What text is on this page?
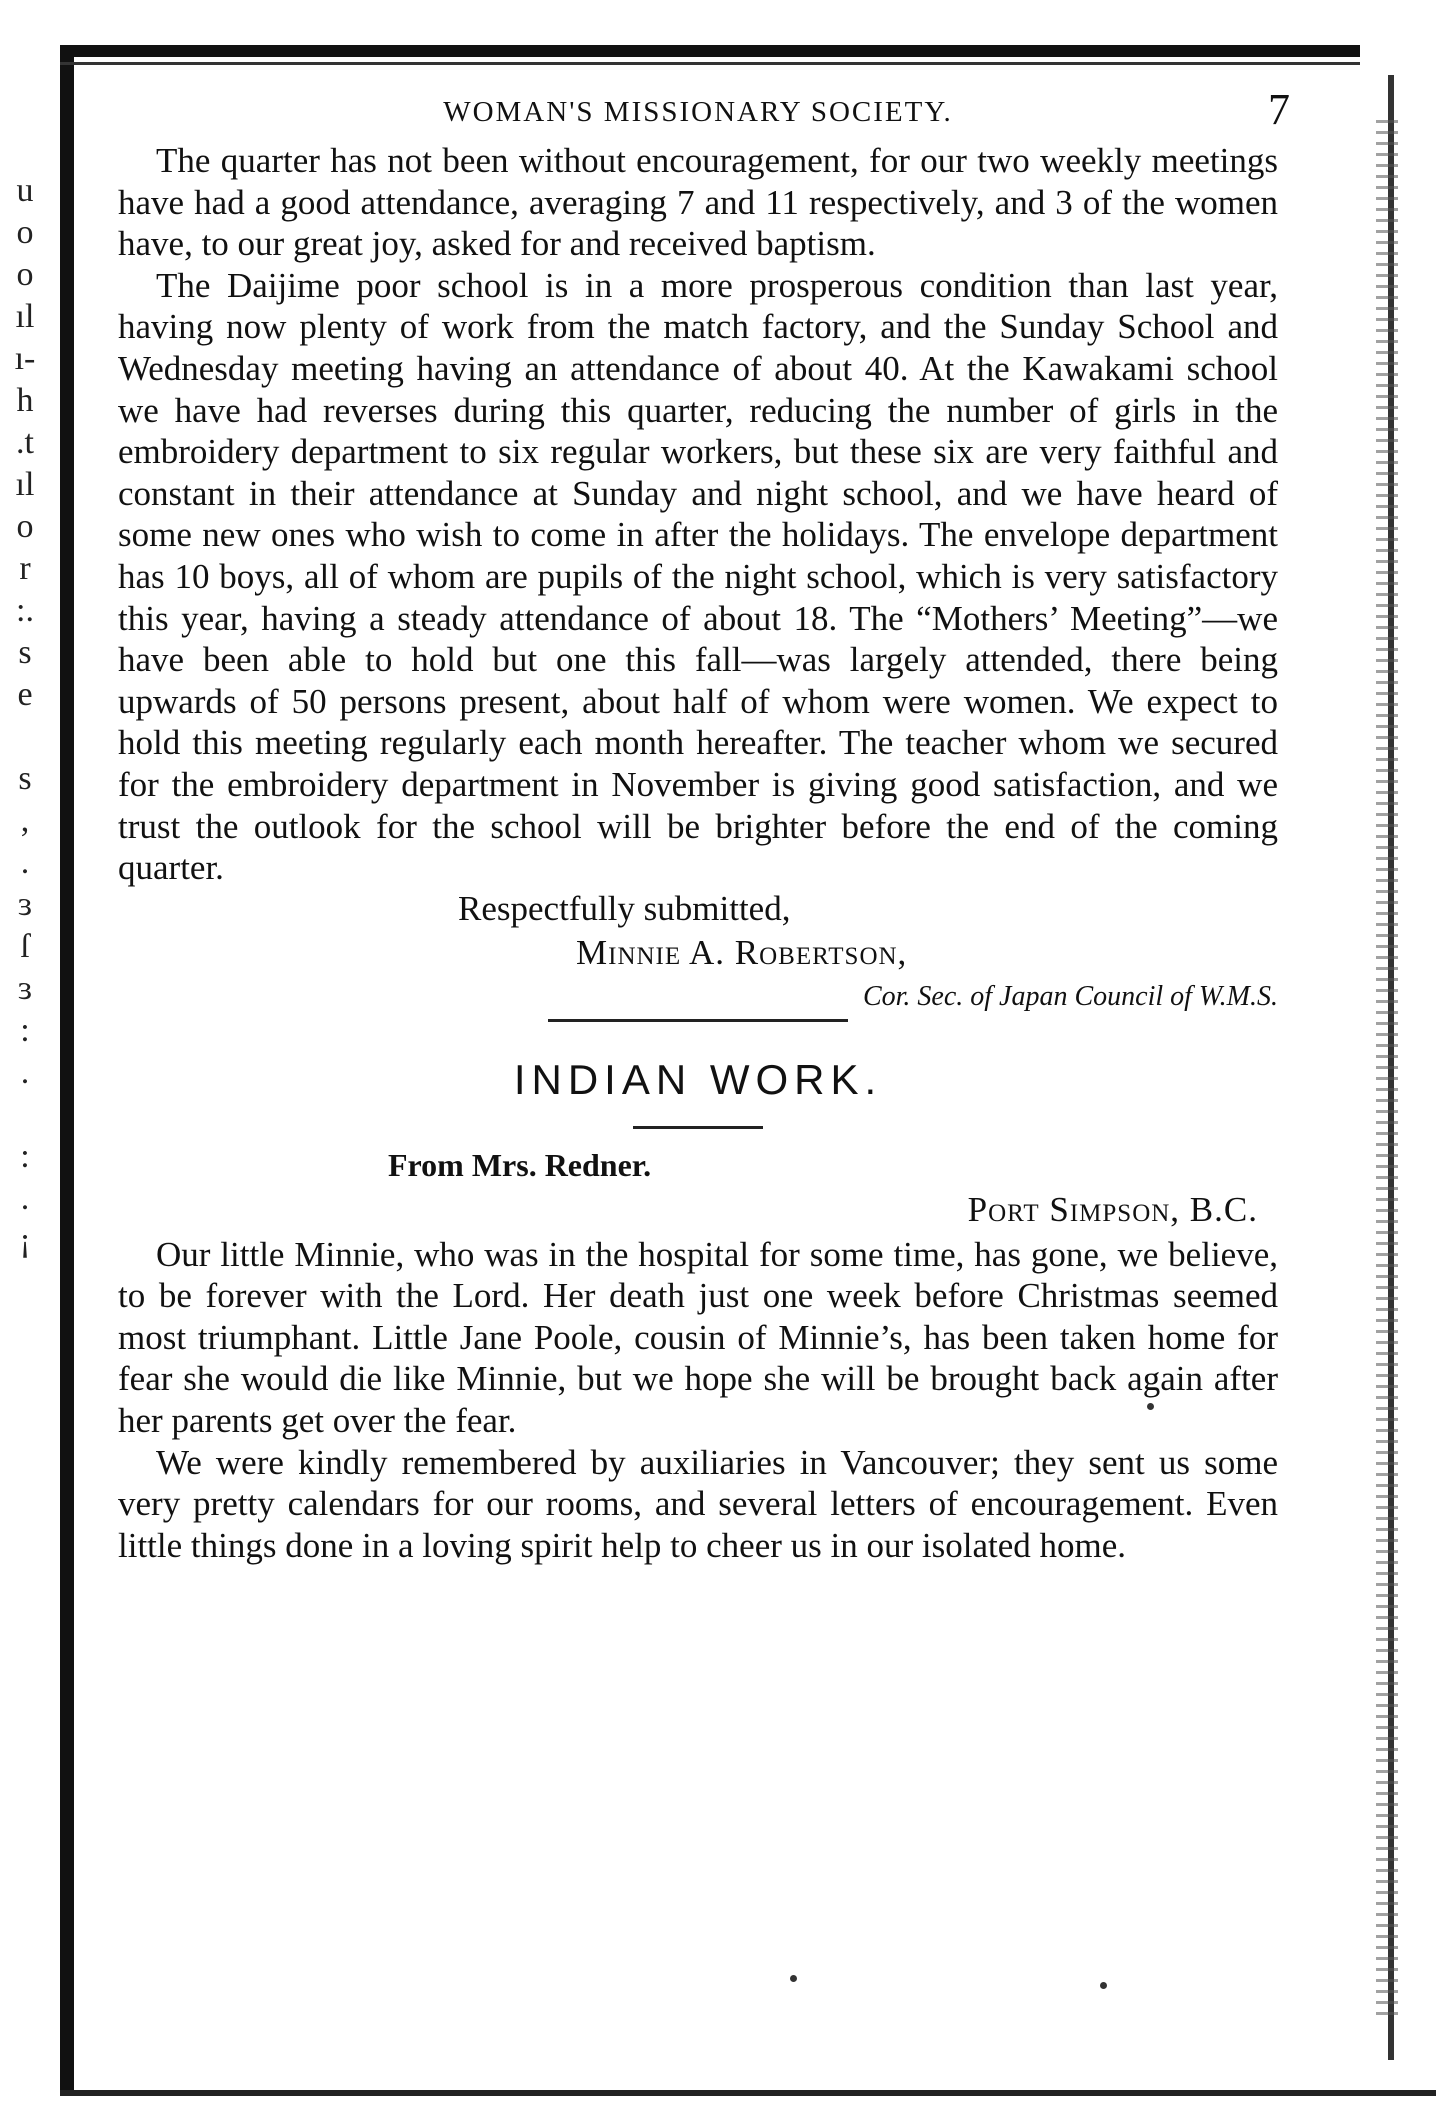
u
o
o
ıl
ı-
h
.t
ıl
o
r
:.
s
e
s
,
.
ɜ
ſ
ɜ
:
.
:
.
¡
WOMAN'S MISSIONARY SOCIETY.	7

The quarter has not been without encouragement, for our two weekly meetings have had a good attendance, averaging 7 and 11 respectively, and 3 of the women have, to our great joy, asked for and received baptism.

The Daijime poor school is in a more prosperous condition than last year, having now plenty of work from the match factory, and the Sunday School and Wednesday meeting having an attendance of about 40. At the Kawakami school we have had reverses during this quarter, reducing the number of girls in the embroidery department to six regular workers, but these six are very faithful and constant in their attendance at Sunday and night school, and we have heard of some new ones who wish to come in after the holidays. The envelope department has 10 boys, all of whom are pupils of the night school, which is very satisfactory this year, having a steady attendance of about 18. The “Mothers’ Meeting”—we have been able to hold but one this fall—was largely attended, there being upwards of 50 persons present, about half of whom were women. We expect to hold this meeting regularly each month hereafter. The teacher whom we secured for the embroidery department in November is giving good satisfaction, and we trust the outlook for the school will be brighter before the end of the coming quarter.

Respectfully submitted,
Minnie A. Robertson,
Cor. Sec. of Japan Council of W.M.S.
INDIAN WORK.
From Mrs. Redner.
Port Simpson, B.C.

Our little Minnie, who was in the hospital for some time, has gone, we believe, to be forever with the Lord. Her death just one week before Christmas seemed most triumphant. Little Jane Poole, cousin of Minnie’s, has been taken home for fear she would die like Minnie, but we hope she will be brought back again after her parents get over the fear.

We were kindly remembered by auxiliaries in Vancouver; they sent us some very pretty calendars for our rooms, and several letters of encouragement. Even little things done in a loving spirit help to cheer us in our isolated home.
